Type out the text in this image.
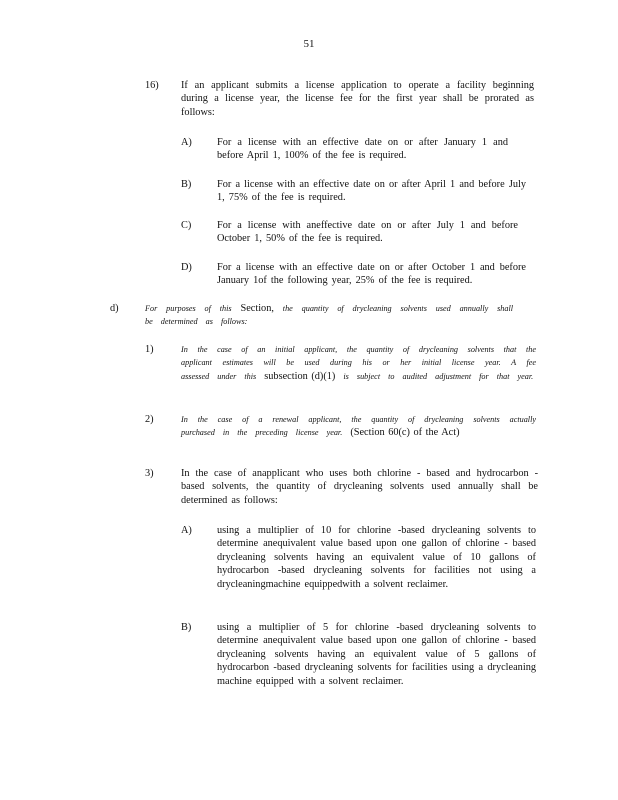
51
16) If an applicant submits a license application to operate a facility beginning during a license year, the license fee for the first year shall be prorated as follows:
A) For a license with an effective date on or after January 1 and before April 1, 100% of the fee is required.
B) For a license with an effective date on or after April 1 and before July 1, 75% of the fee is required.
C) For a license with aneffective date on or after July 1 and before October 1, 50% of the fee is required.
D) For a license with an effective date on or after October 1 and before January 1of the following year, 25% of the fee is required.
d)	For purposes of this Section, the quantity of drycleaning solvents used annually shall be determined as follows:
1)	In the case of an initial applicant, the quantity of drycleaning solvents that the applicant estimates will be used during his or her initial license year. A fee assessed under this subsection (d)(1) is subject to audited adjustment for that year.
2)	In the case of a renewal applicant, the quantity of drycleaning solvents actually purchased in the preceding license year. (Section 60(c) of the Act)
3)	In the case of anapplicant who uses both chlorine - based and hydrocarbon - based solvents, the quantity of drycleaning solvents used annually shall be determined as follows:
A) using a multiplier of 10 for chlorine -based drycleaning solvents to determine anequivalent value based upon one gallon of chlorine - based drycleaning solvents having an equivalent value of 10 gallons of hydrocarbon -based drycleaning solvents for facilities not using a drycleaningmachine equippedwith a solvent reclaimer.
B) using a multiplier of 5 for chlorine -based drycleaning solvents to determine anequivalent value based upon one gallon of chlorine - based drycleaning solvents having an equivalent value of 5 gallons of hydrocarbon -based drycleaning solvents for facilities using a drycleaning machine equipped with a solvent reclaimer.
